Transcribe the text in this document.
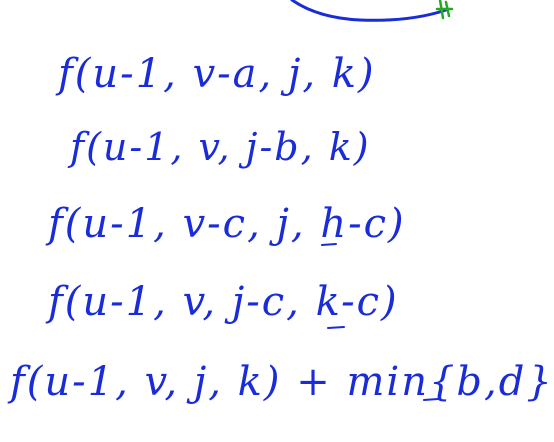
f(u-1, v-a, j, k)
f(u-1, v, j-b, k)
f(u-1, v-c, j, h-c)
f(u-1, v, j-c, k-c)
f(u-1, v, j, k) + min{b,d}
